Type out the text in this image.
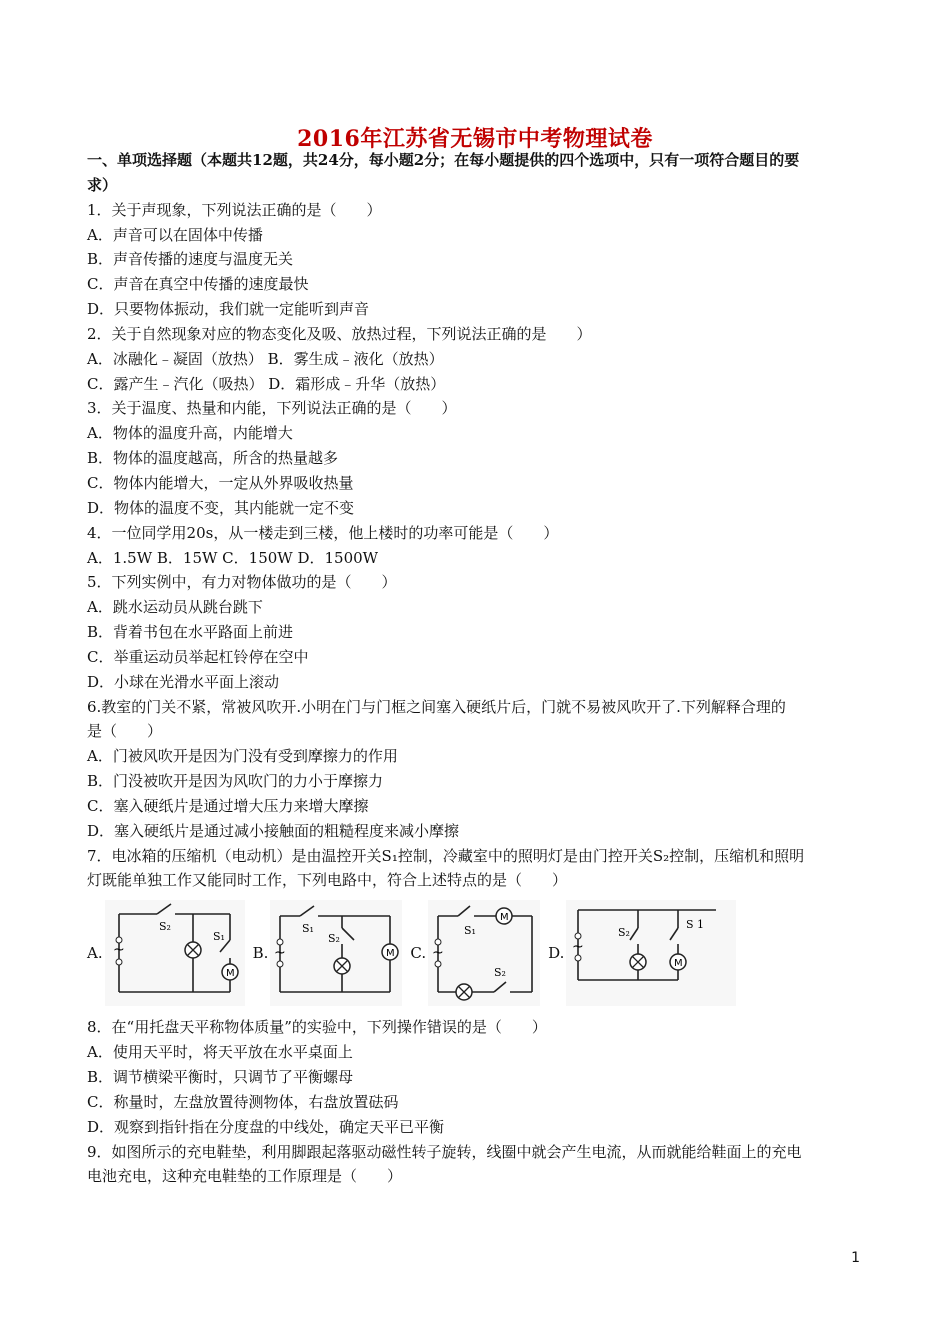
2016年江苏省无锡市中考物理试卷
一、单项选择题（本题共12题，共24分，每小题2分；在每小题提供的四个选项中，只有一项符合题目的要
求）
1．关于声现象，下列说法正确的是（　　）
A．声音可以在固体中传播
B．声音传播的速度与温度无关
C．声音在真空中传播的速度最快
D．只要物体振动，我们就一定能听到声音
2．关于自然现象对应的物态变化及吸、放热过程，下列说法正确的是　　）
A．冰融化﹣凝固（放热） B．雾生成﹣液化（放热）
C．露产生﹣汽化（吸热） D．霜形成﹣升华（放热）
3．关于温度、热量和内能，下列说法正确的是（　　）
A．物体的温度升高，内能增大
B．物体的温度越高，所含的热量越多
C．物体内能增大，一定从外界吸收热量
D．物体的温度不变，其内能就一定不变
4．一位同学用20s，从一楼走到三楼，他上楼时的功率可能是（　　）
A．1.5W B．15W C．150W D．1500W
5．下列实例中，有力对物体做功的是（　　）
A．跳水运动员从跳台跳下
B．背着书包在水平路面上前进
C．举重运动员举起杠铃停在空中
D．小球在光滑水平面上滚动
6.教室的门关不紧，常被风吹开.小明在门与门框之间塞入硬纸片后，门就不易被风吹开了.下列解释合理的
是（　　）
A．门被风吹开是因为门没有受到摩擦力的作用
B．门没被吹开是因为风吹门的力小于摩擦力
C．塞入硬纸片是通过增大压力来增大摩擦
D．塞入硬纸片是通过减小接触面的粗糙程度来减小摩擦
7．电冰箱的压缩机（电动机）是由温控开关S₁控制，冷藏室中的照明灯是由门控开关S₂控制，压缩机和照明
灯既能单独工作又能同时工作，下列电路中，符合上述特点的是（　　）
A. ~
M
S₂
S₁
B. ~	M
S₁
S₂
C. ~
M
S₁
S₂
D. ~
M
S₂
S 1
8．在“用托盘天平称物体质量”的实验中，下列操作错误的是（　　）
A．使用天平时，将天平放在水平桌面上
B．调节横梁平衡时，只调节了平衡螺母
C．称量时，左盘放置待测物体，右盘放置砝码
D．观察到指针指在分度盘的中线处，确定天平已平衡
9．如图所示的充电鞋垫，利用脚跟起落驱动磁性转子旋转，线圈中就会产生电流，从而就能给鞋面上的充电
电池充电，这种充电鞋垫的工作原理是（　　）
1
